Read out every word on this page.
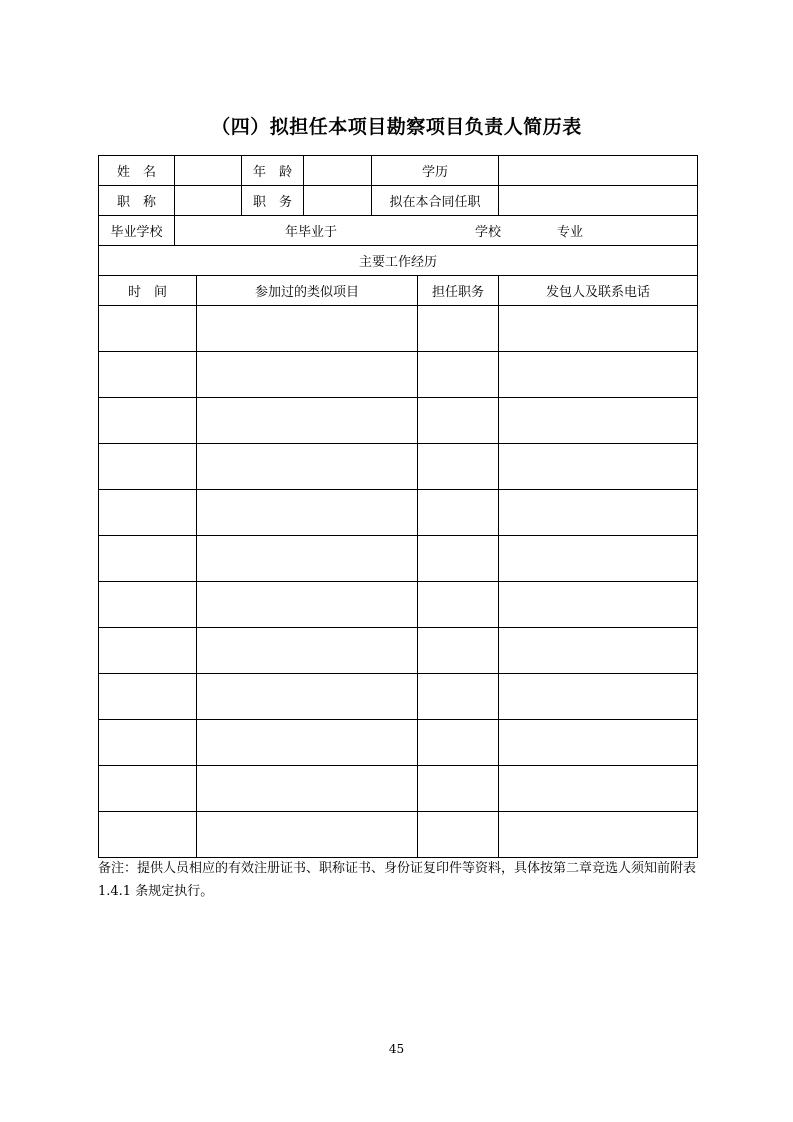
（四）拟担任本项目勘察项目负责人简历表
姓　名			年　龄		学历		
职　称			职　务		拟在本合同任职		
毕业学校	年毕业于 学校 专业						

主要工作经历							
时　间		参加过的类似项目				担任职务	发包人及联系电话

备注：提供人员相应的有效注册证书、职称证书、身份证复印件等资料，具体按第二章竞选人须知前附表 1.4.1 条规定执行。
45
